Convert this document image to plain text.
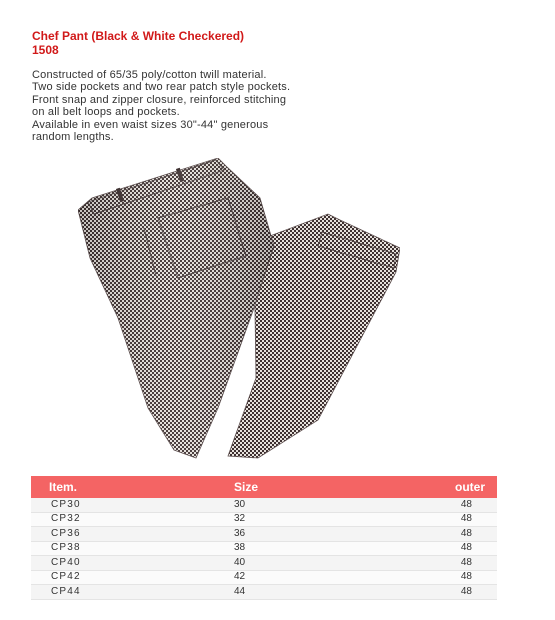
Chef Pant (Black & White Checkered)
1508
Constructed of 65/35 poly/cotton twill material.
Two side pockets and two rear patch style pockets.
Front snap and zipper closure, reinforced stitching
on all belt loops and pockets.
Available in even waist sizes 30"-44" generous
random lengths.
Item.	Size	outer
CP30	30	48
CP32	32	48
CP36	36	48
CP38	38	48
CP40	40	48
CP42	42	48
CP44	44	48
